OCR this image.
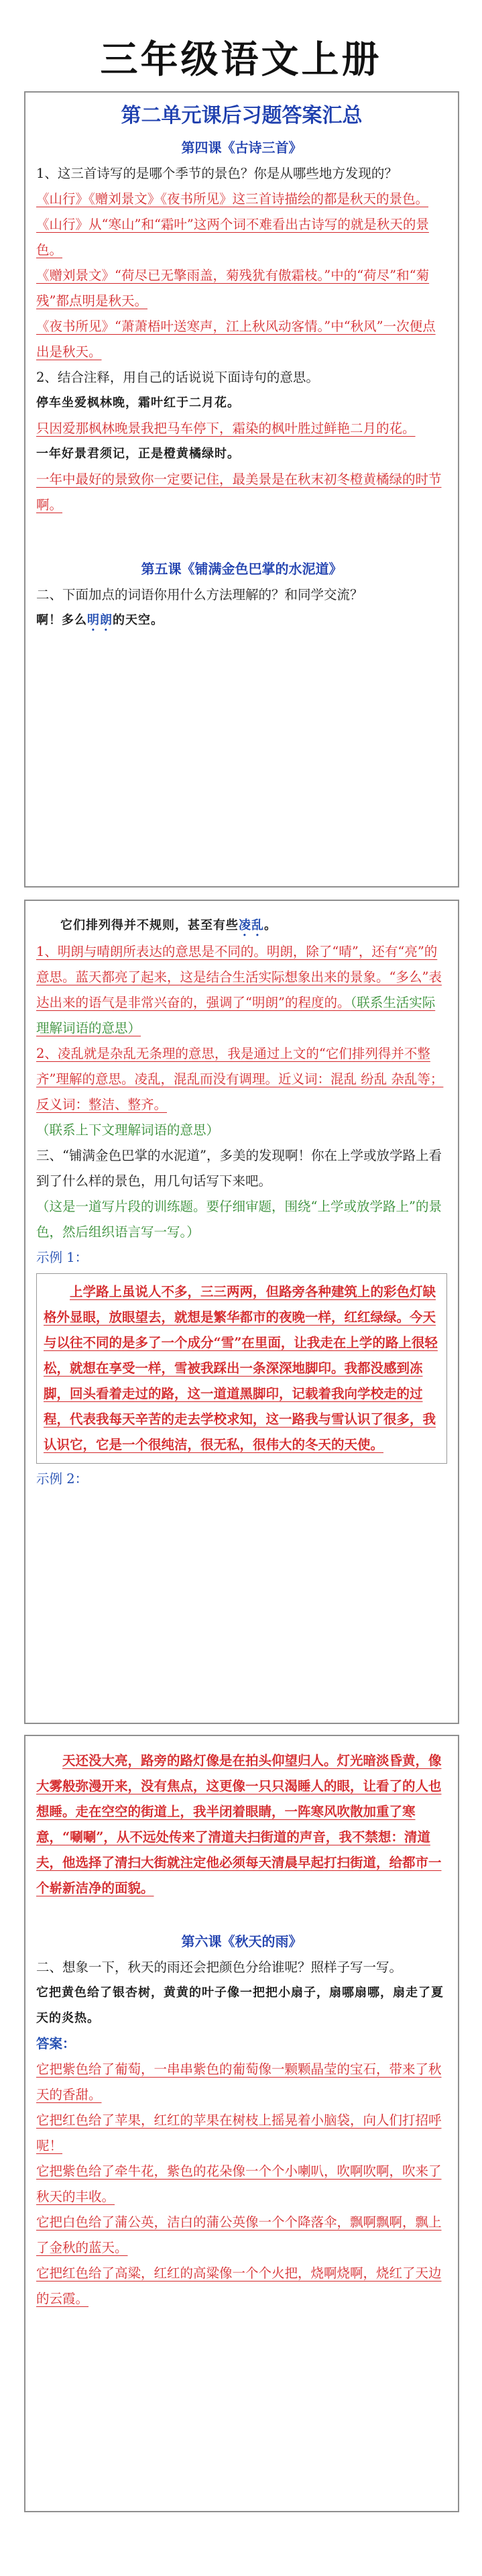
三年级语文上册
第二单元课后习题答案汇总
第四课《古诗三首》
1、这三首诗写的是哪个季节的景色？你是从哪些地方发现的？
《山行》《赠刘景文》《夜书所见》这三首诗描绘的都是秋天的景色。
《山行》从“寒山”和“霜叶”这两个词不难看出古诗写的就是秋天的景色。
《赠刘景文》“荷尽已无擎雨盖，菊残犹有傲霜枝。”中的“荷尽”和“菊残”都点明是秋天。
《夜书所见》“萧萧梧叶送寒声，江上秋风动客情。”中“秋风”一次便点出是秋天。
2、结合注释，用自己的话说说下面诗句的意思。
停车坐爱枫林晚，霜叶红于二月花。
只因爱那枫林晚景我把马车停下，霜染的枫叶胜过鲜艳二月的花。
一年好景君须记，正是橙黄橘绿时。
一年中最好的景致你一定要记住，最美景是在秋末初冬橙黄橘绿的时节啊。
第五课《铺满金色巴掌的水泥道》
二、下面加点的词语你用什么方法理解的？和同学交流？
啊！多么明朗的天空。
它们排列得并不规则，甚至有些凌乱。
1、明朗与晴朗所表达的意思是不同的。明朗，除了“晴”，还有“亮”的意思。蓝天都亮了起来，这是结合生活实际想象出来的景象。“多么”表达出来的语气是非常兴奋的，强调了“明朗”的程度的。（联系生活实际理解词语的意思）
2、凌乱就是杂乱无条理的意思，我是通过上文的“它们排列得并不整齐”理解的意思。凌乱，混乱而没有调理。近义词：混乱 纷乱 杂乱等；反义词：整洁、整齐。
（联系上下文理解词语的意思）
三、“铺满金色巴掌的水泥道”，多美的发现啊！你在上学或放学路上看到了什么样的景色，用几句话写下来吧。
（这是一道写片段的训练题。要仔细审题，围绕“上学或放学路上”的景色，然后组织语言写一写。）
示例 1：
上学路上虽说人不多，三三两两，但路旁各种建筑上的彩色灯缺格外显眼，放眼望去，就想是繁华都市的夜晚一样，红红绿绿。今天与以往不同的是多了一个成分“雪”在里面，让我走在上学的路上很轻松，就想在享受一样，雪被我踩出一条深深地脚印。我都没感到冻脚，回头看着走过的路，这一道道黑脚印，记载着我向学校走的过程，代表我每天辛苦的走去学校求知，这一路我与雪认识了很多，我认识它，它是一个很纯洁，很无私，很伟大的冬天的天使。
示例 2：
天还没大亮，路旁的路灯像是在拍头仰望归人。灯光暗淡昏黄，像大雾般弥漫开来，没有焦点，这更像一只只渴睡人的眼，让看了的人也想睡。走在空空的街道上，我半闭着眼睛，一阵寒风吹散加重了寒意，“唰唰”，从不远处传来了清道夫扫街道的声音，我不禁想：清道夫，他选择了清扫大街就注定他必须每天清晨早起打扫街道，给都市一个崭新洁净的面貌。
第六课《秋天的雨》
二、想象一下，秋天的雨还会把颜色分给谁呢？照样子写一写。
它把黄色给了银杏树，黄黄的叶子像一把把小扇子，扇哪扇哪，扇走了夏天的炎热。
答案：
它把紫色给了葡萄，一串串紫色的葡萄像一颗颗晶莹的宝石，带来了秋天的香甜。
它把红色给了苹果，红红的苹果在树枝上摇晃着小脑袋，向人们打招呼呢！
它把紫色给了牵牛花，紫色的花朵像一个个小喇叭，吹啊吹啊，吹来了秋天的丰收。
它把白色给了蒲公英，洁白的蒲公英像一个个降落伞，飘啊飘啊，飘上了金秋的蓝天。
它把红色给了高粱，红红的高粱像一个个火把，烧啊烧啊，烧红了天边的云霞。
